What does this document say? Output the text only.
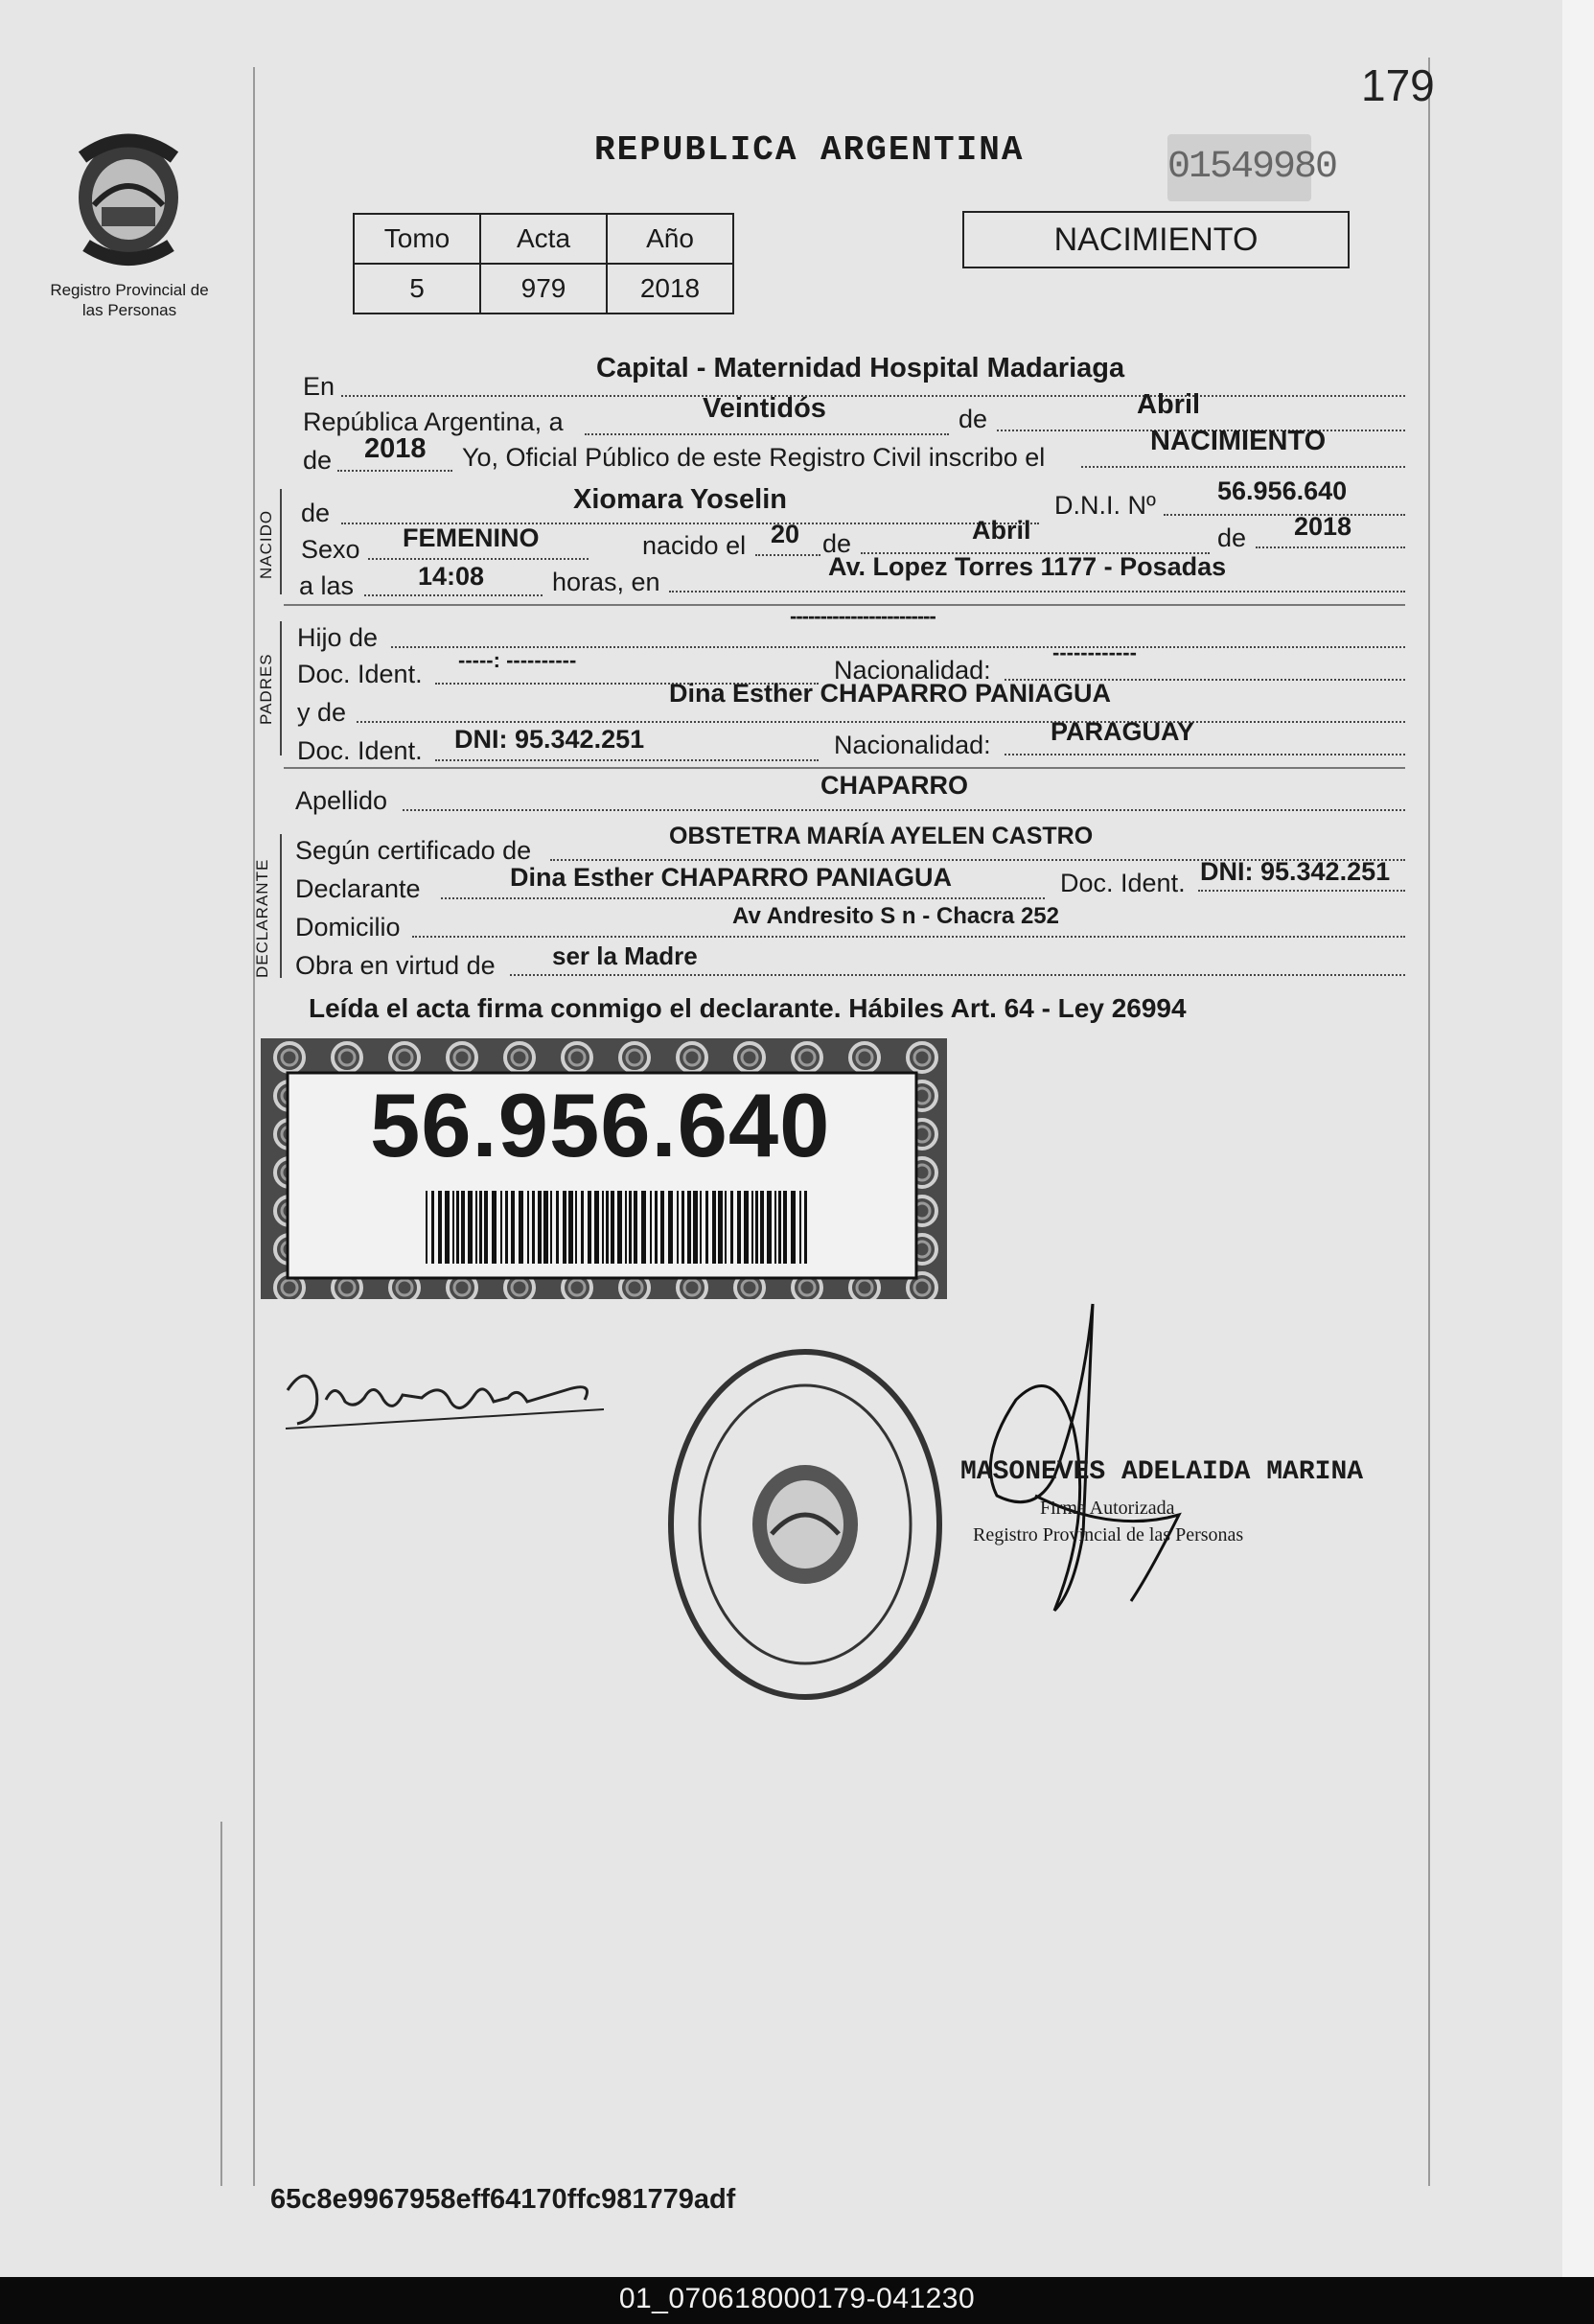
179
Registro Provincial de las Personas
REPUBLICA ARGENTINA	01549980
Tomo	Acta	Año
5	979	2018
NACIMIENTO
En
Capital - Maternidad Hospital Madariaga
República Argentina, a	Veintidós	de	Abril
de 2018 Yo, Oficial Público de este Registro Civil inscribo el
NACIMIENTO
NACIDO de	Xiomara Yoselin	D.N.I. Nº 56.956.640
Sexo FEMENINO	nacido el 20 de	Abril	de 2018
a las 14:08	horas, en
Av. Lopez Torres 1177 - Posadas
PADRES
Hijo de
------------------------
Doc. Ident. -----: ----------	Nacionalidad:
------------
y de
Dina Esther CHAPARRO PANIAGUA
Doc. Ident. DNI: 95.342.251	Nacionalidad: PARAGUAY
Apellido
CHAPARRO
DECLARANTE
Según certificado de	OBSTETRA MARÍA AYELEN CASTRO
Declarante	Dina Esther CHAPARRO PANIAGUA	Doc. Ident. DNI: 95.342.251
Domicilio	Av Andresito S n - Chacra 252
Obra en virtud de ser la Madre
Leída el acta firma conmigo el declarante. Hábiles Art. 64 - Ley 26994
56.956.640
MASONEVES ADELAIDA MARINA
Firma Autorizada
Registro Provincial de las Personas
65c8e9967958eff64170ffc981779adf
01_070618000179-041230
